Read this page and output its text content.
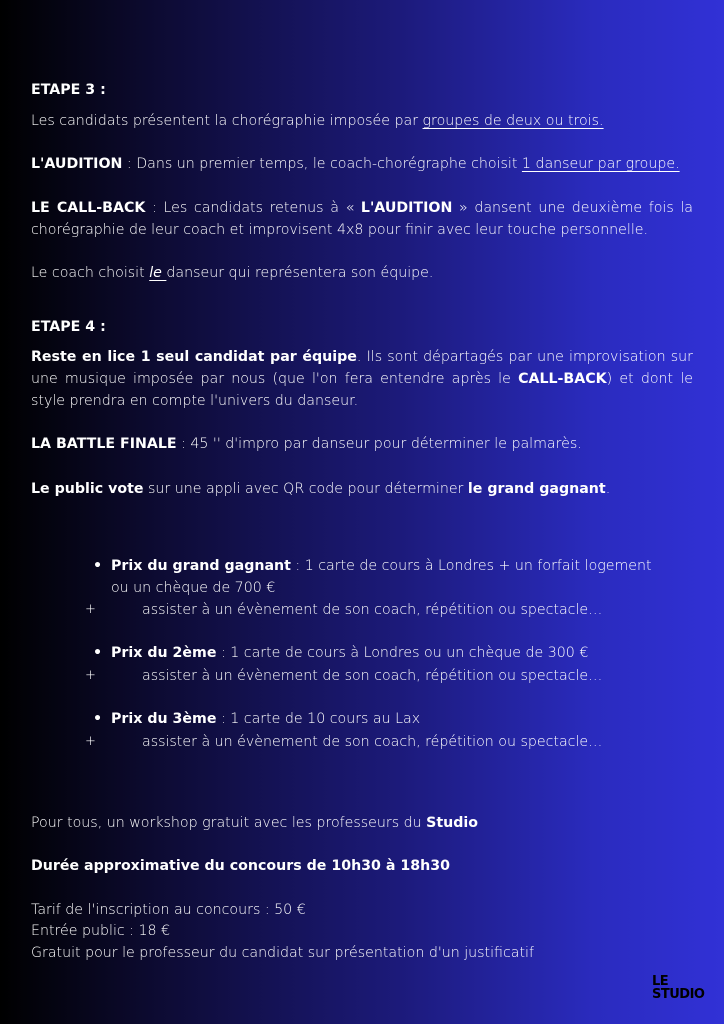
ETAPE 3 :

Les candidats présentent la chorégraphie imposée par groupes de deux ou trois.

L'AUDITION : Dans un premier temps, le coach-chorégraphe choisit 1 danseur par groupe.

LE CALL-BACK : Les candidats retenus à « L'AUDITION » dansent une deuxième fois la chorégraphie de leur coach et improvisent 4x8 pour finir avec leur touche personnelle.

Le coach choisit le danseur qui représentera son équipe.

ETAPE 4 :

Reste en lice 1 seul candidat par équipe. Ils sont départagés par une improvisation sur une musique imposée par nous (que l'on fera entendre après le CALL-BACK) et dont le style prendra en compte l'univers du danseur.

LA BATTLE FINALE : 45 '' d'impro par danseur pour déterminer le palmarès.

Le public vote sur une appli avec QR code pour déterminer le grand gagnant.

• Prix du grand gagnant : 1 carte de cours à Londres + un forfait logement ou un chèque de 700 €
+	assister à un évènement de son coach, répétition ou spectacle…
• Prix du 2ème : 1 carte de cours à Londres ou un chèque de 300 €
+	assister à un évènement de son coach, répétition ou spectacle…
• Prix du 3ème : 1 carte de 10 cours au Lax
+	assister à un évènement de son coach, répétition ou spectacle…

Pour tous, un workshop gratuit avec les professeurs du Studio

Durée approximative du concours de 10h30 à 18h30

Tarif de l'inscription au concours : 50 €

Entrée public : 18 €

Gratuit pour le professeur du candidat sur présentation d'un justificatif

LE
STUDIO
